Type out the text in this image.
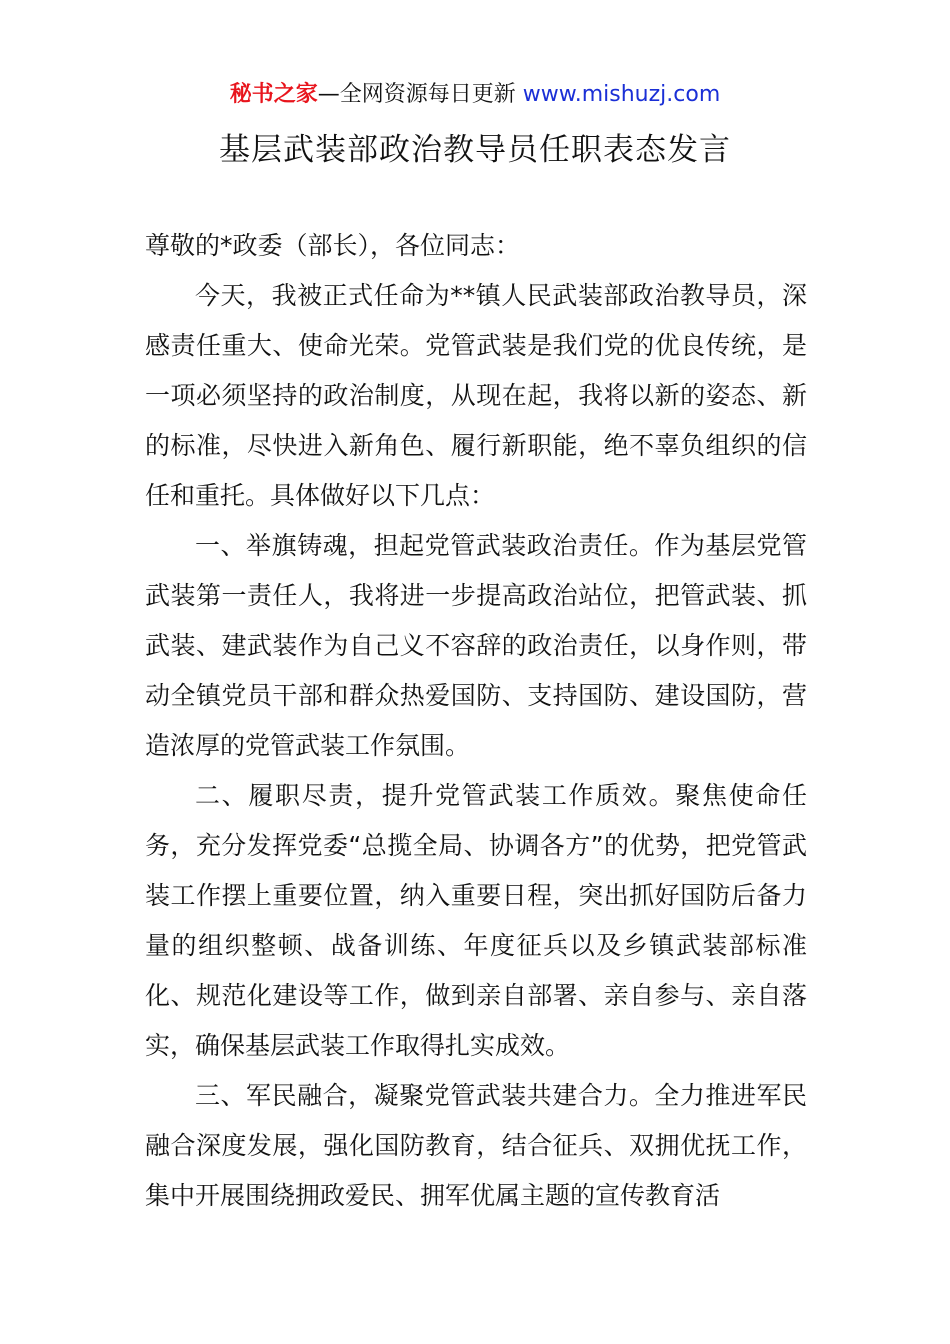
秘书之家—全网资源每日更新 www.mishuzj.com
基层武装部政治教导员任职表态发言

尊敬的*政委（部长），各位同志：

今天，我被正式任命为**镇人民武装部政治教导员，深感责任重大、使命光荣。党管武装是我们党的优良传统，是一项必须坚持的政治制度，从现在起，我将以新的姿态、新的标准，尽快进入新角色、履行新职能，绝不辜负组织的信任和重托。具体做好以下几点：

一、举旗铸魂，担起党管武装政治责任。作为基层党管武装第一责任人，我将进一步提高政治站位，把管武装、抓武装、建武装作为自己义不容辞的政治责任，以身作则，带动全镇党员干部和群众热爱国防、支持国防、建设国防，营造浓厚的党管武装工作氛围。

二、履职尽责，提升党管武装工作质效。聚焦使命任务，充分发挥党委“总揽全局、协调各方”的优势，把党管武装工作摆上重要位置，纳入重要日程，突出抓好国防后备力量的组织整顿、战备训练、年度征兵以及乡镇武装部标准化、规范化建设等工作，做到亲自部署、亲自参与、亲自落实，确保基层武装工作取得扎实成效。

三、军民融合，凝聚党管武装共建合力。全力推进军民融合深度发展，强化国防教育，结合征兵、双拥优抚工作，集中开展围绕拥政爱民、拥军优属主题的宣传教育活
